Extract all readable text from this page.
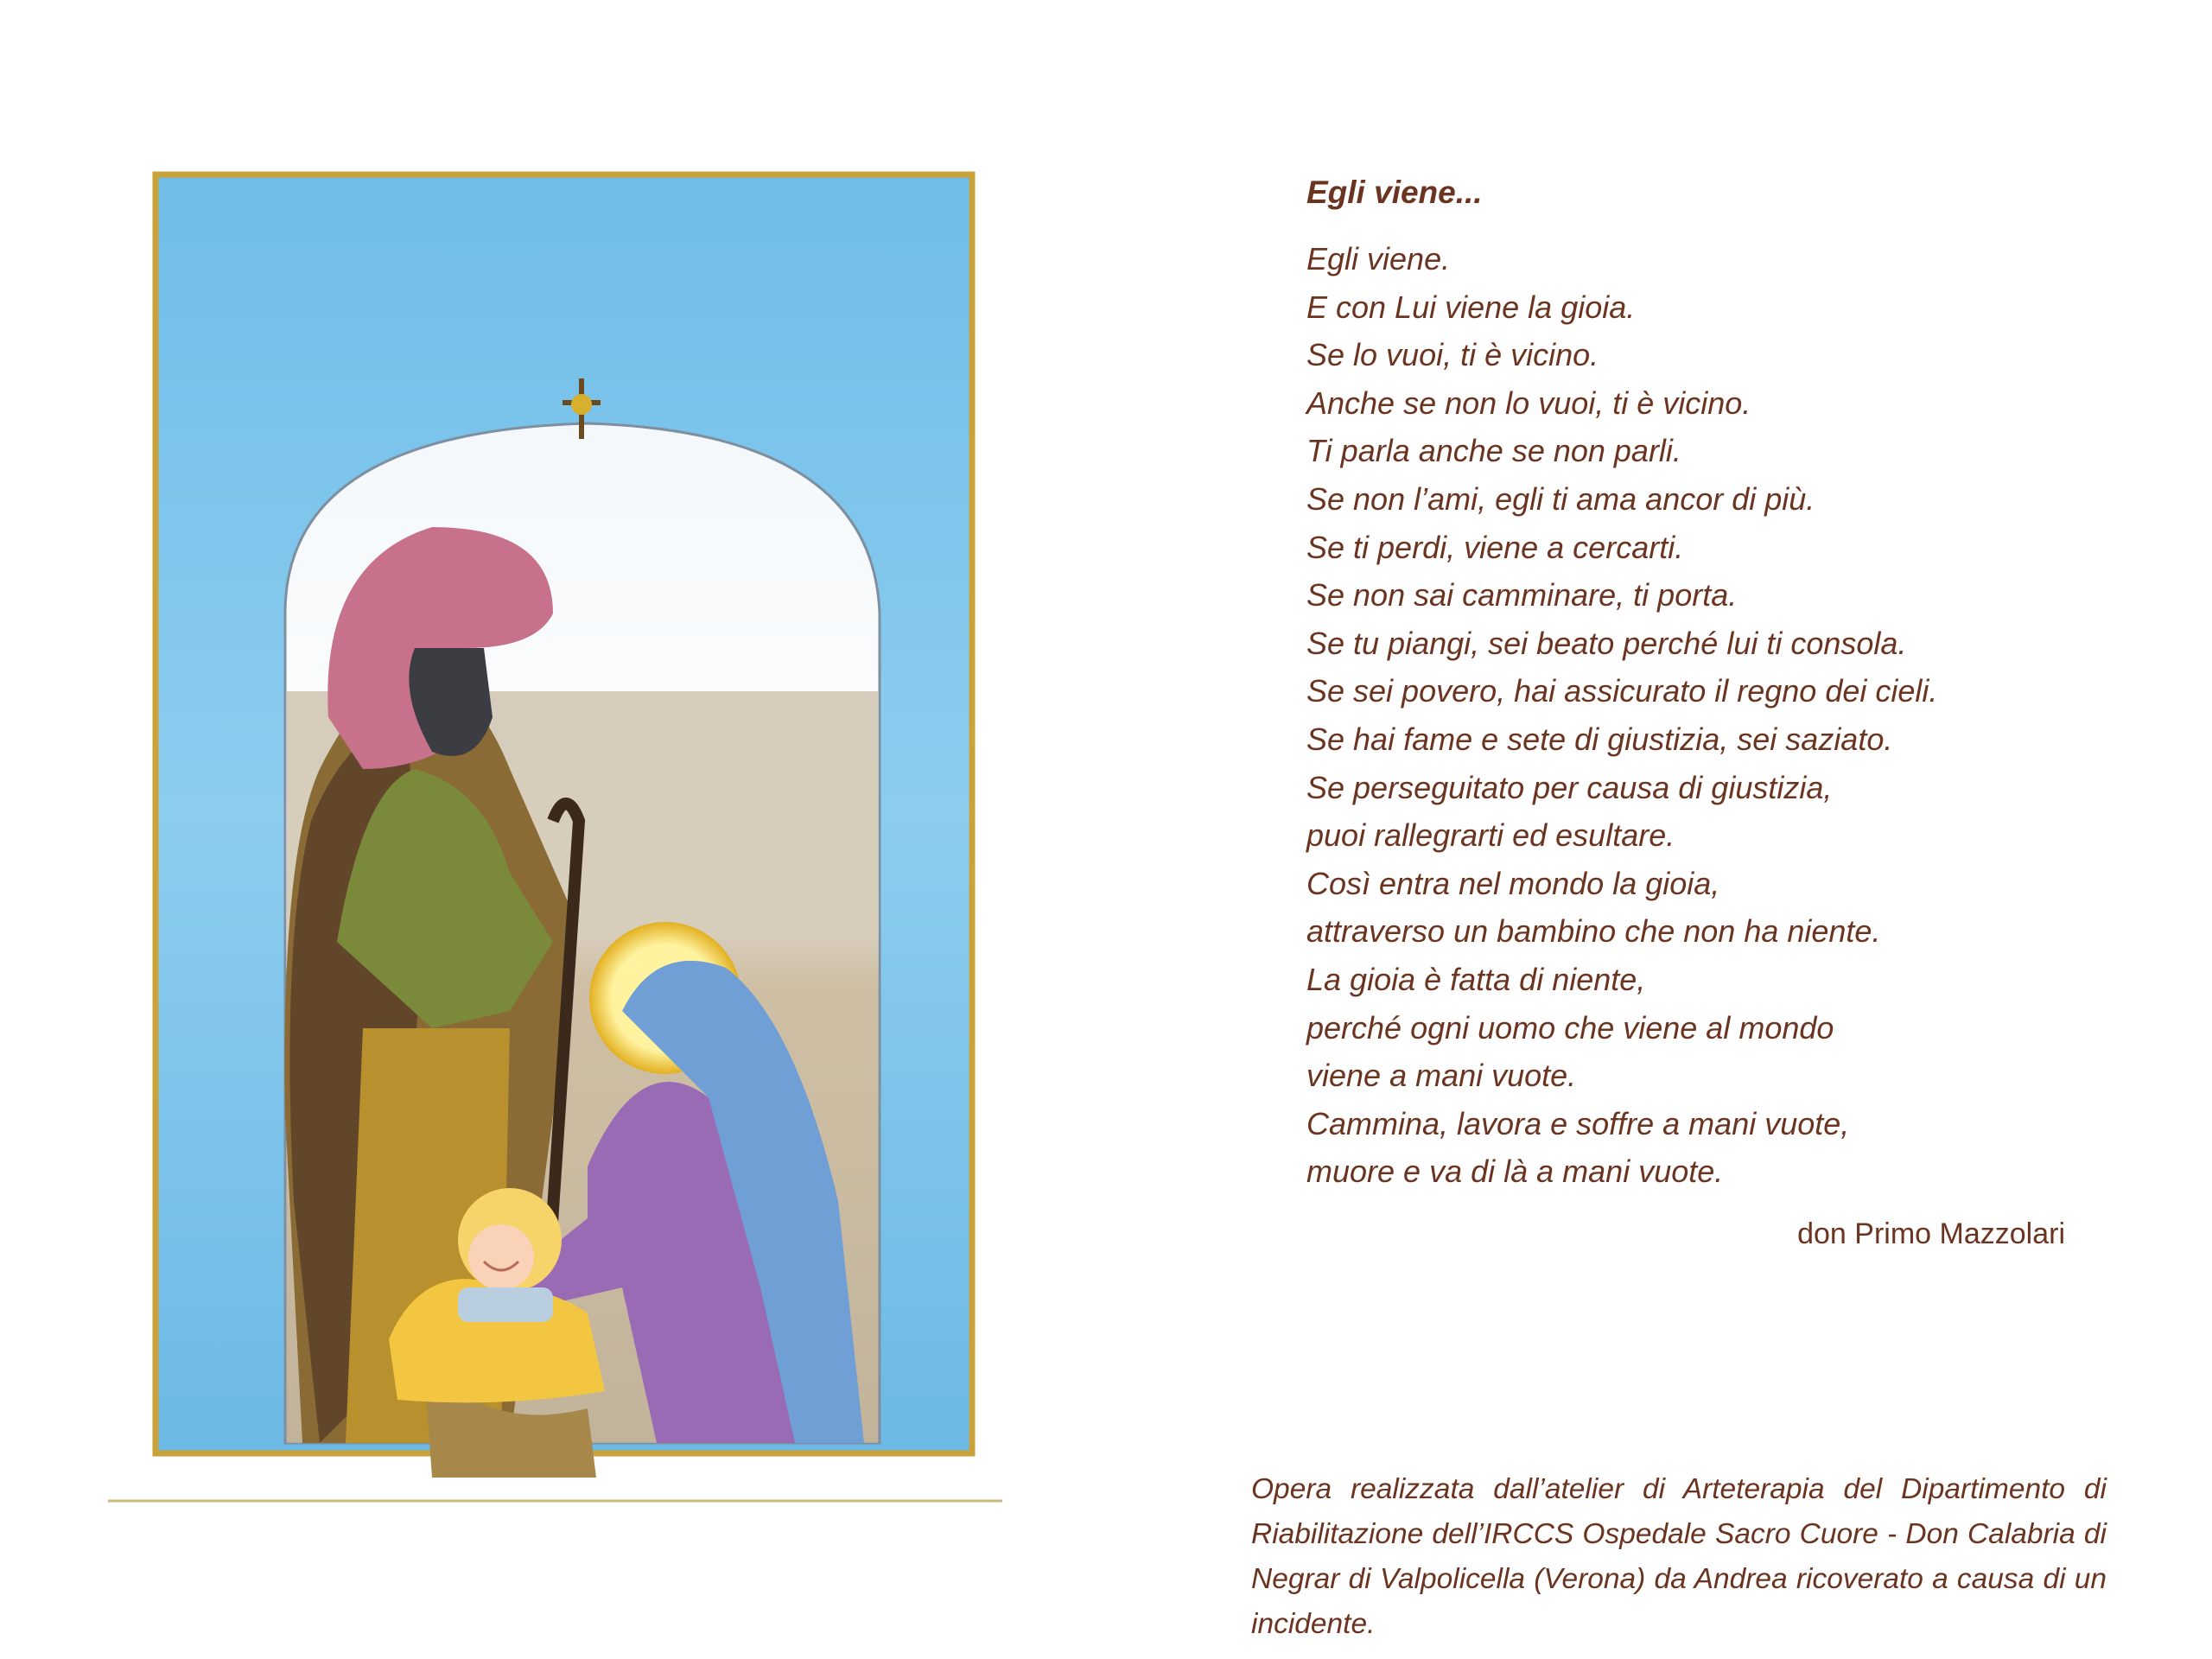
Egli viene...
Egli viene.
E con Lui viene la gioia.
Se lo vuoi, ti è vicino.
Anche se non lo vuoi, ti è vicino.
Ti parla anche se non parli.
Se non l’ami, egli ti ama ancor di più.
Se ti perdi, viene a cercarti.
Se non sai camminare, ti porta.
Se tu piangi, sei beato perché lui ti consola.
Se sei povero, hai assicurato il regno dei cieli.
Se hai fame e sete di giustizia, sei saziato.
Se perseguitato per causa di giustizia,
puoi rallegrarti ed esultare.
Così entra nel mondo la gioia,
attraverso un bambino che non ha niente.
La gioia è fatta di niente,
perché ogni uomo che viene al mondo
viene a mani vuote.
Cammina, lavora e soffre a mani vuote,
muore e va di là a mani vuote.
don Primo Mazzolari

Opera realizzata dall’atelier di Arteterapia del Dipartimento di Riabilitazione dell’IRCCS Ospedale Sacro Cuore - Don Calabria di Negrar di Valpolicella (Verona) da Andrea ricoverato a causa di un incidente.
